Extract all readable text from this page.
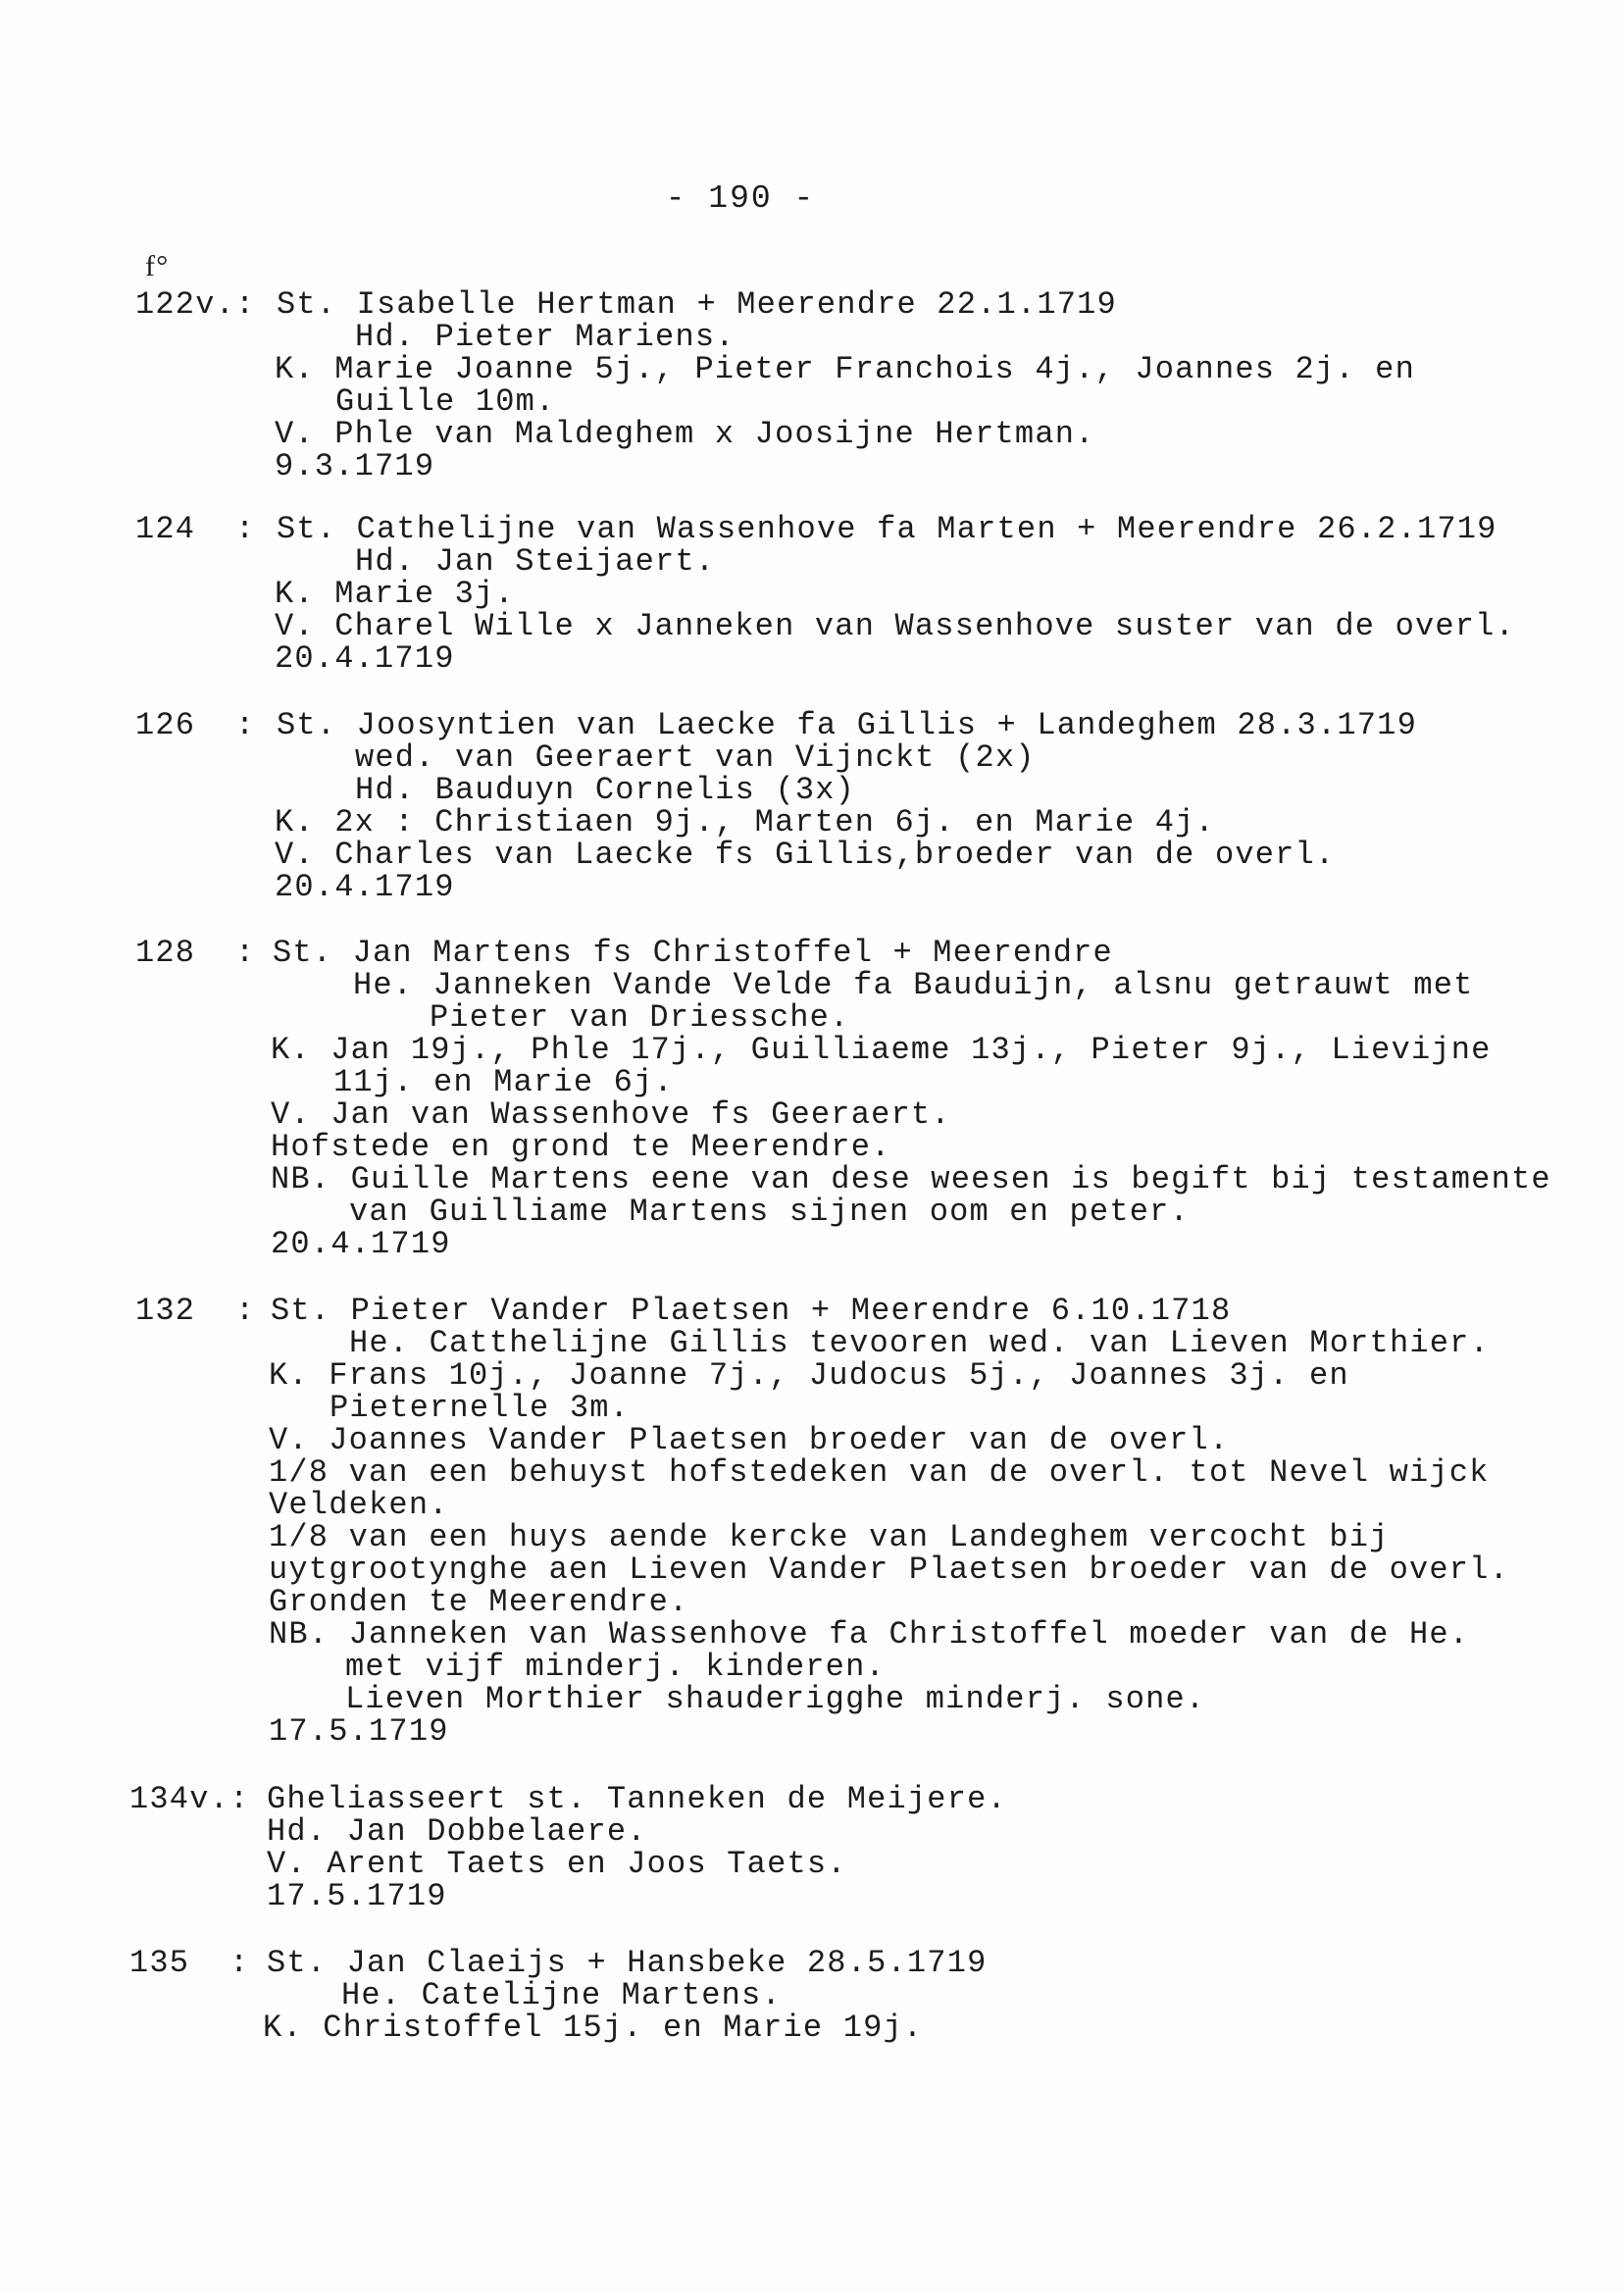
- 190 -
f°
122v.: St. Isabelle Hertman + Meerendre 22.1.1719
Hd. Pieter Mariens.
K. Marie Joanne 5j., Pieter Franchois 4j., Joannes 2j. en
Guille 10m.
V. Phle van Maldeghem x Joosijne Hertman.
9.3.1719
124  : St. Cathelijne van Wassenhove fa Marten + Meerendre 26.2.1719
Hd. Jan Steijaert.
K. Marie 3j.
V. Charel Wille x Janneken van Wassenhove suster van de overl.
20.4.1719
126  : St. Joosyntien van Laecke fa Gillis + Landeghem 28.3.1719
wed. van Geeraert van Vijnckt (2x)
Hd. Bauduyn Cornelis (3x)
K. 2x : Christiaen 9j., Marten 6j. en Marie 4j.
V. Charles van Laecke fs Gillis,broeder van de overl.
20.4.1719
128  : St. Jan Martens fs Christoffel + Meerendre
He. Janneken Vande Velde fa Bauduijn, alsnu getrauwt met
Pieter van Driessche.
K. Jan 19j., Phle 17j., Guilliaeme 13j., Pieter 9j., Lievijne
11j. en Marie 6j.
V. Jan van Wassenhove fs Geeraert.
Hofstede en grond te Meerendre.
NB. Guille Martens eene van dese weesen is begift bij testamente
van Guilliame Martens sijnen oom en peter.
20.4.1719
132  : St. Pieter Vander Plaetsen + Meerendre 6.10.1718
He. Catthelijne Gillis tevooren wed. van Lieven Morthier.
K. Frans 10j., Joanne 7j., Judocus 5j., Joannes 3j. en
Pieternelle 3m.
V. Joannes Vander Plaetsen broeder van de overl.
1/8 van een behuyst hofstedeken van de overl. tot Nevel wijck
Veldeken.
1/8 van een huys aende kercke van Landeghem vercocht bij
uytgrootynghe aen Lieven Vander Plaetsen broeder van de overl.
Gronden te Meerendre.
NB. Janneken van Wassenhove fa Christoffel moeder van de He.
met vijf minderj. kinderen.
Lieven Morthier shauderigghe minderj. sone.
17.5.1719
134v.: Gheliasseert st. Tanneken de Meijere.
Hd. Jan Dobbelaere.
V. Arent Taets en Joos Taets.
17.5.1719
135  : St. Jan Claeijs + Hansbeke 28.5.1719
He. Catelijne Martens.
K. Christoffel 15j. en Marie 19j.
